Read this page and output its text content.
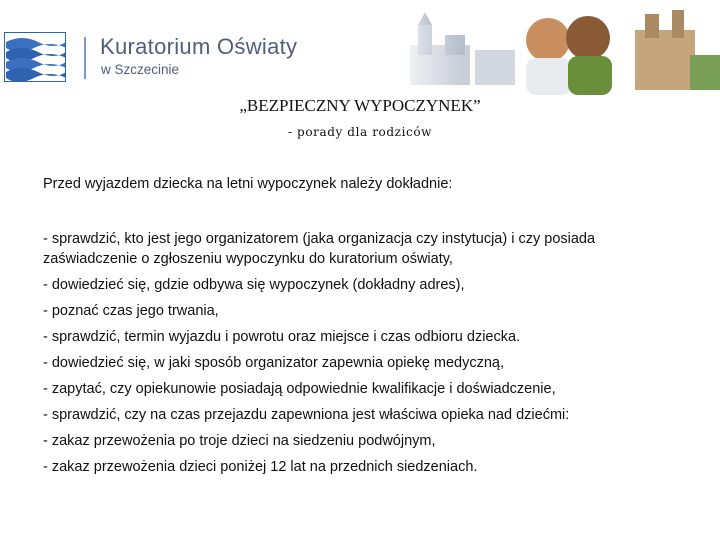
Kuratorium Oświaty
w Szczecinie
„BEZPIECZNY WYPOCZYNEK”
- porady dla rodziców
Przed wyjazdem dziecka na letni wypoczynek należy dokładnie:
- sprawdzić, kto jest jego organizatorem (jaka organizacja czy instytucja) i czy posiada
zaświadczenie o zgłoszeniu wypoczynku do kuratorium oświaty,
- dowiedzieć się, gdzie odbywa się wypoczynek (dokładny adres),
- poznać czas jego trwania,
- sprawdzić, termin wyjazdu i powrotu oraz miejsce i czas odbioru dziecka.
- dowiedzieć się, w jaki sposób organizator zapewnia opiekę medyczną,
- zapytać, czy opiekunowie posiadają odpowiednie kwalifikacje i doświadczenie,
- sprawdzić, czy na czas przejazdu zapewniona jest właściwa opieka nad dziećmi:
- zakaz przewożenia po troje dzieci na siedzeniu podwójnym,
- zakaz przewożenia dzieci poniżej 12 lat na przednich siedzeniach.
